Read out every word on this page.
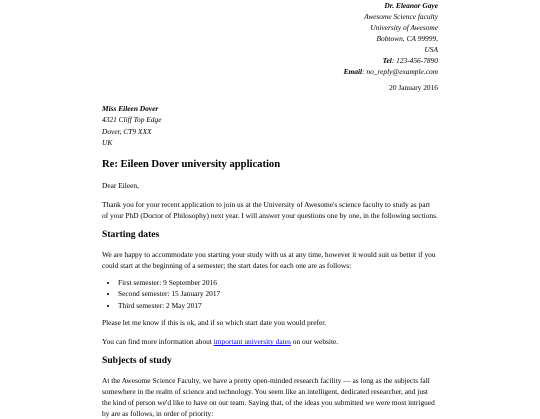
Dr. Eleanor Gaye
Awesome Science faculty
University of Awesome
Bobtown, CA 99999,
USA
Tel: 123-456-7890
Email: no_reply@example.com
20 January 2016
Miss Eileen Dover
4321 Cliff Top Edge
Dover, CT9 XXX
UK
Re: Eileen Dover university application

Dear Eileen,

Thank you for your recent application to join us at the University of Awesome's science faculty to study as part of your PhD (Doctor of Philosophy) next year. I will answer your questions one by one, in the following sections.

Starting dates

We are happy to accommodate you starting your study with us at any time, however it would suit us better if you could start at the beginning of a semester; the start dates for each one are as follows:

• First semester: 9 September 2016
• Second semester: 15 January 2017
• Third semester: 2 May 2017

Please let me know if this is ok, and if so which start date you would prefer.

You can find more information about important university dates on our website.

Subjects of study

At the Awesome Science Faculty, we have a pretty open-minded research facility — as long as the subjects fall somewhere in the realm of science and technology. You seem like an intelligent, dedicated researcher, and just the kind of person we'd like to have on our team. Saying that, of the ideas you submitted we were most intrigued by are as follows, in order of priority:
